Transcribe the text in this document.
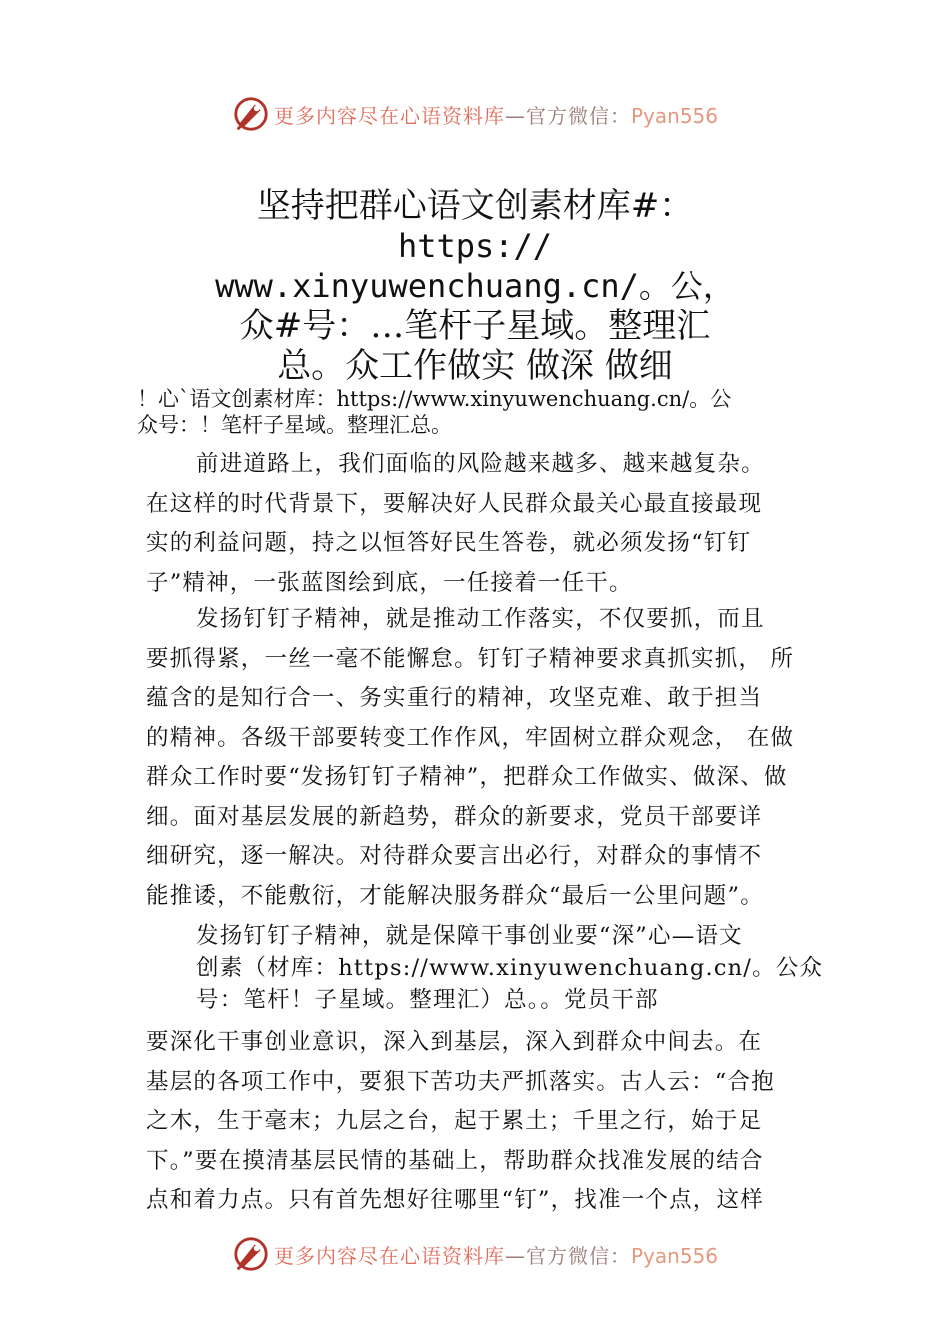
更多内容尽在心语资料库—官方微信：Pyan556
坚持把群心语文创素材库#：
https://
www.xinyuwenchuang.cn/。公，
众#号：…笔杆子星域。整理汇
总。众工作做实 做深 做细
！心`语文创素材库：https://www.xinyuwenchuang.cn/。公
众号：！笔杆子星域。整理汇总。
前进道路上，我们面临的风险越来越多、越来越复杂。
在这样的时代背景下，要解决好人民群众最关心最直接最现
实的利益问题，持之以恒答好民生答卷，就必须发扬“钉钉
子”精神，一张蓝图绘到底，一任接着一任干。
发扬钉钉子精神，就是推动工作落实，不仅要抓，而且
要抓得紧，一丝一毫不能懈怠。钉钉子精神要求真抓实抓， 所
蕴含的是知行合一、务实重行的精神，攻坚克难、敢于担当
的精神。各级干部要转变工作作风，牢固树立群众观念， 在做
群众工作时要“发扬钉钉子精神”，把群众工作做实、做深、做
细。面对基层发展的新趋势，群众的新要求，党员干部要详
细研究，逐一解决。对待群众要言出必行，对群众的事情不
能推诿，不能敷衍，才能解决服务群众“最后一公里问题”。
发扬钉钉子精神，就是保障干事创业要“深”心—语文
创素（材库：https://www.xinyuwenchuang.cn/。公众
号：笔杆！子星域。整理汇）总。。党员干部
要深化干事创业意识，深入到基层，深入到群众中间去。在
基层的各项工作中，要狠下苦功夫严抓落实。古人云：“合抱
之木，生于毫末；九层之台，起于累土；千里之行，始于足
下。”要在摸清基层民情的基础上，帮助群众找准发展的结合
点和着力点。只有首先想好往哪里“钉”，找准一个点，这样
更多内容尽在心语资料库—官方微信：Pyan556
